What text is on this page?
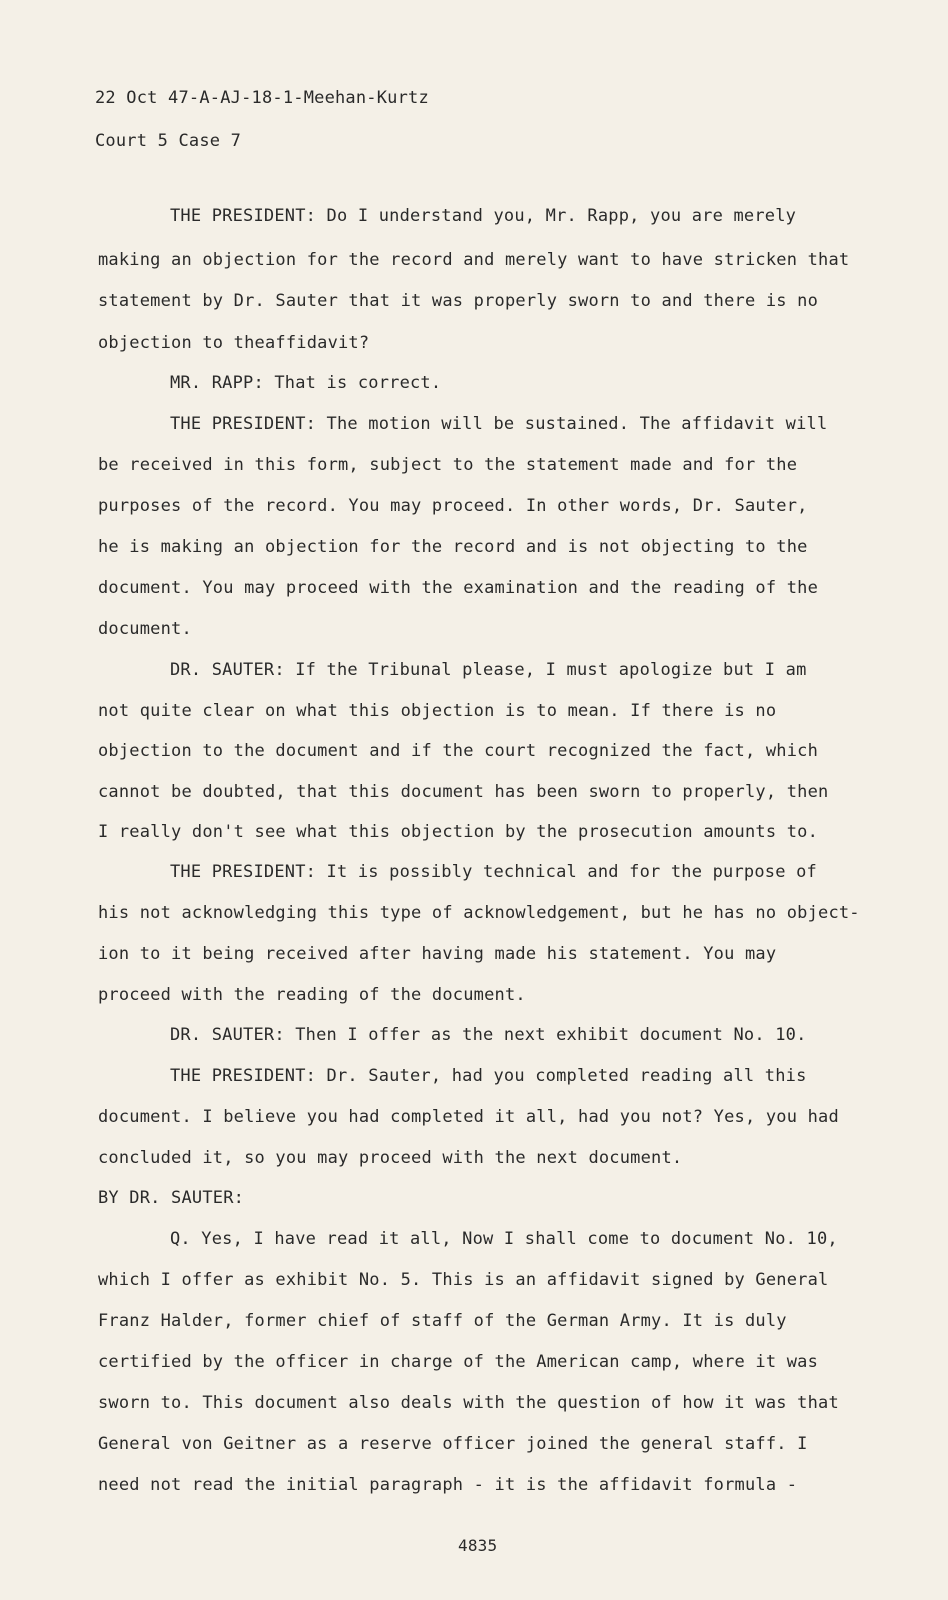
22 Oct 47-A-AJ-18-1-Meehan-Kurtz
Court 5 Case 7
THE PRESIDENT: Do I understand you, Mr. Rapp, you are merely
making an objection for the record and merely want to have stricken that
statement by Dr. Sauter that it was properly sworn to and there is no
objection to theaffidavit?
MR. RAPP: That is correct.
THE PRESIDENT: The motion will be sustained. The affidavit will
be received in this form, subject to the statement made and for the
purposes of the record. You may proceed. In other words, Dr. Sauter,
he is making an objection for the record and is not objecting to the
document. You may proceed with the examination and the reading of the
document.
DR. SAUTER: If the Tribunal please, I must apologize but I am
not quite clear on what this objection is to mean. If there is no
objection to the document and if the court recognized the fact, which
cannot be doubted, that this document has been sworn to properly, then
I really don't see what this objection by the prosecution amounts to.
THE PRESIDENT: It is possibly technical and for the purpose of
his not acknowledging this type of acknowledgement, but he has no object-
ion to it being received after having made his statement. You may
proceed with the reading of the document.
DR. SAUTER: Then I offer as the next exhibit document No. 10.
THE PRESIDENT: Dr. Sauter, had you completed reading all this
document. I believe you had completed it all, had you not? Yes, you had
concluded it, so you may proceed with the next document.
BY DR. SAUTER:
Q. Yes, I have read it all, Now I shall come to document No. 10,
which I offer as exhibit No. 5. This is an affidavit signed by General
Franz Halder, former chief of staff of the German Army. It is duly
certified by the officer in charge of the American camp, where it was
sworn to. This document also deals with the question of how it was that
General von Geitner as a reserve officer joined the general staff. I
need not read the initial paragraph - it is the affidavit formula -
4835
